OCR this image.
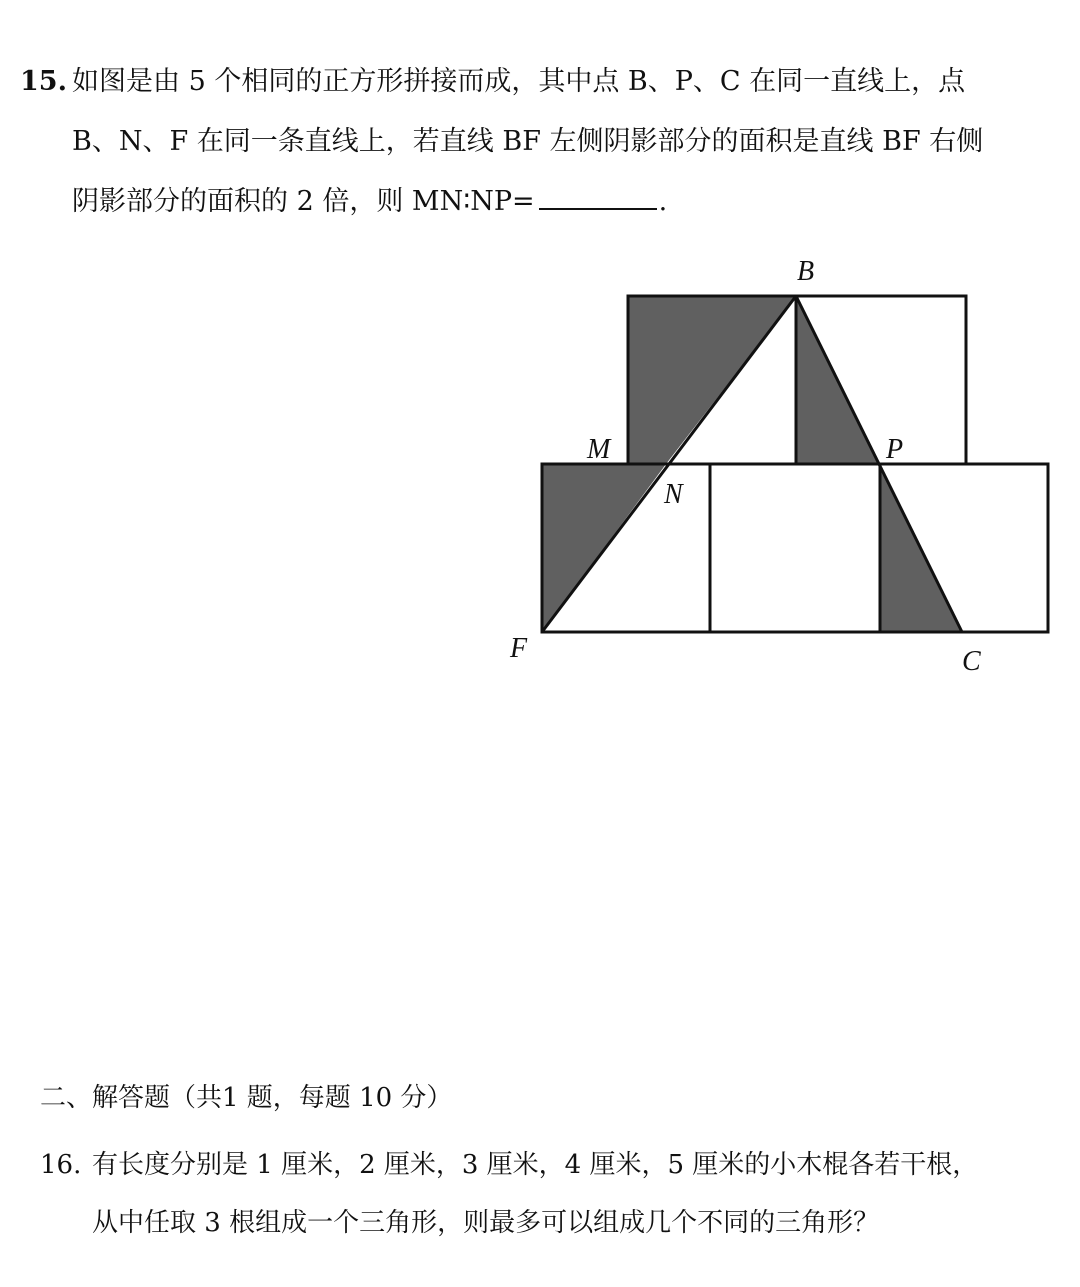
15. 如图是由 5 个相同的正方形拼接而成，其中点 B、P、C 在同一直线上，点
B、N、F 在同一条直线上，若直线 BF 左侧阴影部分的面积是直线 BF 右侧
阴影部分的面积的 2 倍，则 MN∶NP=	.
B
M	P
N
F	C
二、解答题（共1 题，每题 10 分）
16. 有长度分别是 1 厘米，2 厘米，3 厘米，4 厘米，5 厘米的小木棍各若干根，
从中任取 3 根组成一个三角形，则最多可以组成几个不同的三角形？
